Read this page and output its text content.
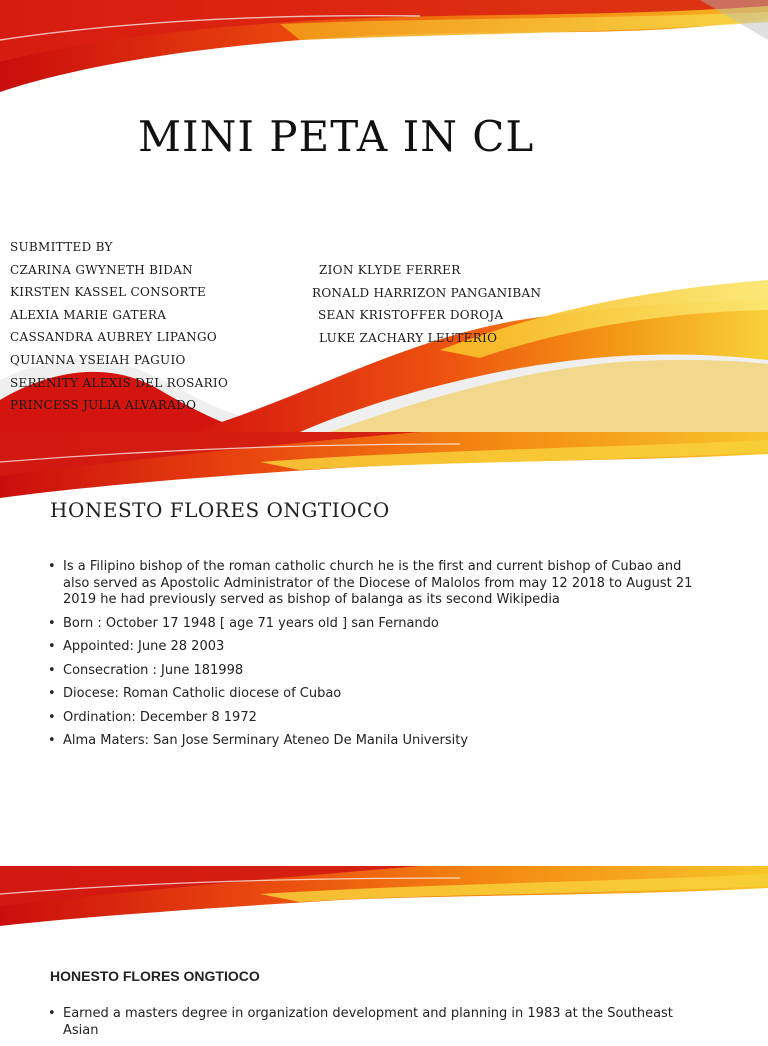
MINI PETA IN CL
SUBMITTED BY
CZARINA GWYNETH BIDAN
KIRSTEN KASSEL CONSORTE
ALEXIA MARIE GATERA
CASSANDRA AUBREY LIPANGO
QUIANNA YSEIAH PAGUIO
SERENITY ALEXIS DEL ROSARIO
PRINCESS JULIA ALVARADO
ZION KLYDE FERRER
RONALD HARRIZON PANGANIBAN
SEAN KRISTOFFER DOROJA
LUKE ZACHARY LEUTERIO
HONESTO FLORES ONGTIOCO
• Is a Filipino bishop of the roman catholic church he is the first and current bishop of Cubao and also served as Apostolic Administrator of the Diocese of Malolos from may 12 2018 to August 21 2019 he had previously served as bishop of balanga as its second Wikipedia
• Born : October 17 1948 [ age 71 years old ] san Fernando
• Appointed: June 28 2003
• Consecration : June 181998
• Diocese: Roman Catholic diocese of Cubao
• Ordination: December 8 1972
• Alma Maters: San Jose Serminary Ateneo De Manila University
HONESTO FLORES ONGTIOCO
• Earned a masters degree in organization development and planning in 1983 at the Southeast Asian
